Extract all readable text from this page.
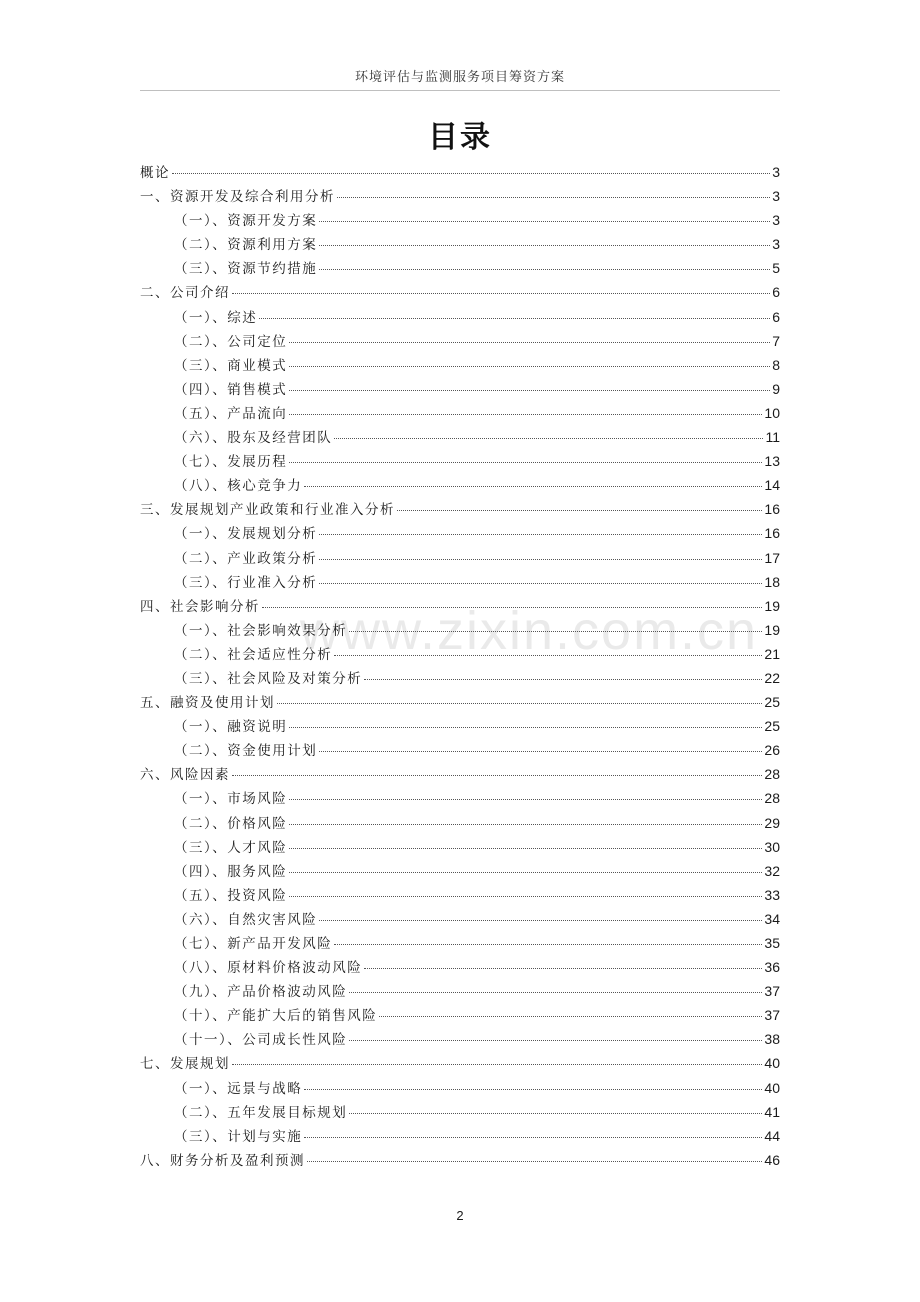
环境评估与监测服务项目筹资方案
目录
www.zixin.com.cn
概论	3
一、资源开发及综合利用分析	3
（一）、资源开发方案	3
（二）、资源利用方案	3
（三）、资源节约措施	5
二、公司介绍	6
（一）、综述	6
（二）、公司定位	7
（三）、商业模式	8
（四）、销售模式	9
（五）、产品流向	10
（六）、股东及经营团队	11
（七）、发展历程	13
（八）、核心竞争力	14
三、发展规划产业政策和行业准入分析	16
（一）、发展规划分析	16
（二）、产业政策分析	17
（三）、行业准入分析	18
四、社会影响分析	19
（一）、社会影响效果分析	19
（二）、社会适应性分析	21
（三）、社会风险及对策分析	22
五、融资及使用计划	25
（一）、融资说明	25
（二）、资金使用计划	26
六、风险因素	28
（一）、市场风险	28
（二）、价格风险	29
（三）、人才风险	30
（四）、服务风险	32
（五）、投资风险	33
（六）、自然灾害风险	34
（七）、新产品开发风险	35
（八）、原材料价格波动风险	36
（九）、产品价格波动风险	37
（十）、产能扩大后的销售风险	37
（十一）、公司成长性风险	38
七、发展规划	40
（一）、远景与战略	40
（二）、五年发展目标规划	41
（三）、计划与实施	44
八、财务分析及盈利预测	46
2
